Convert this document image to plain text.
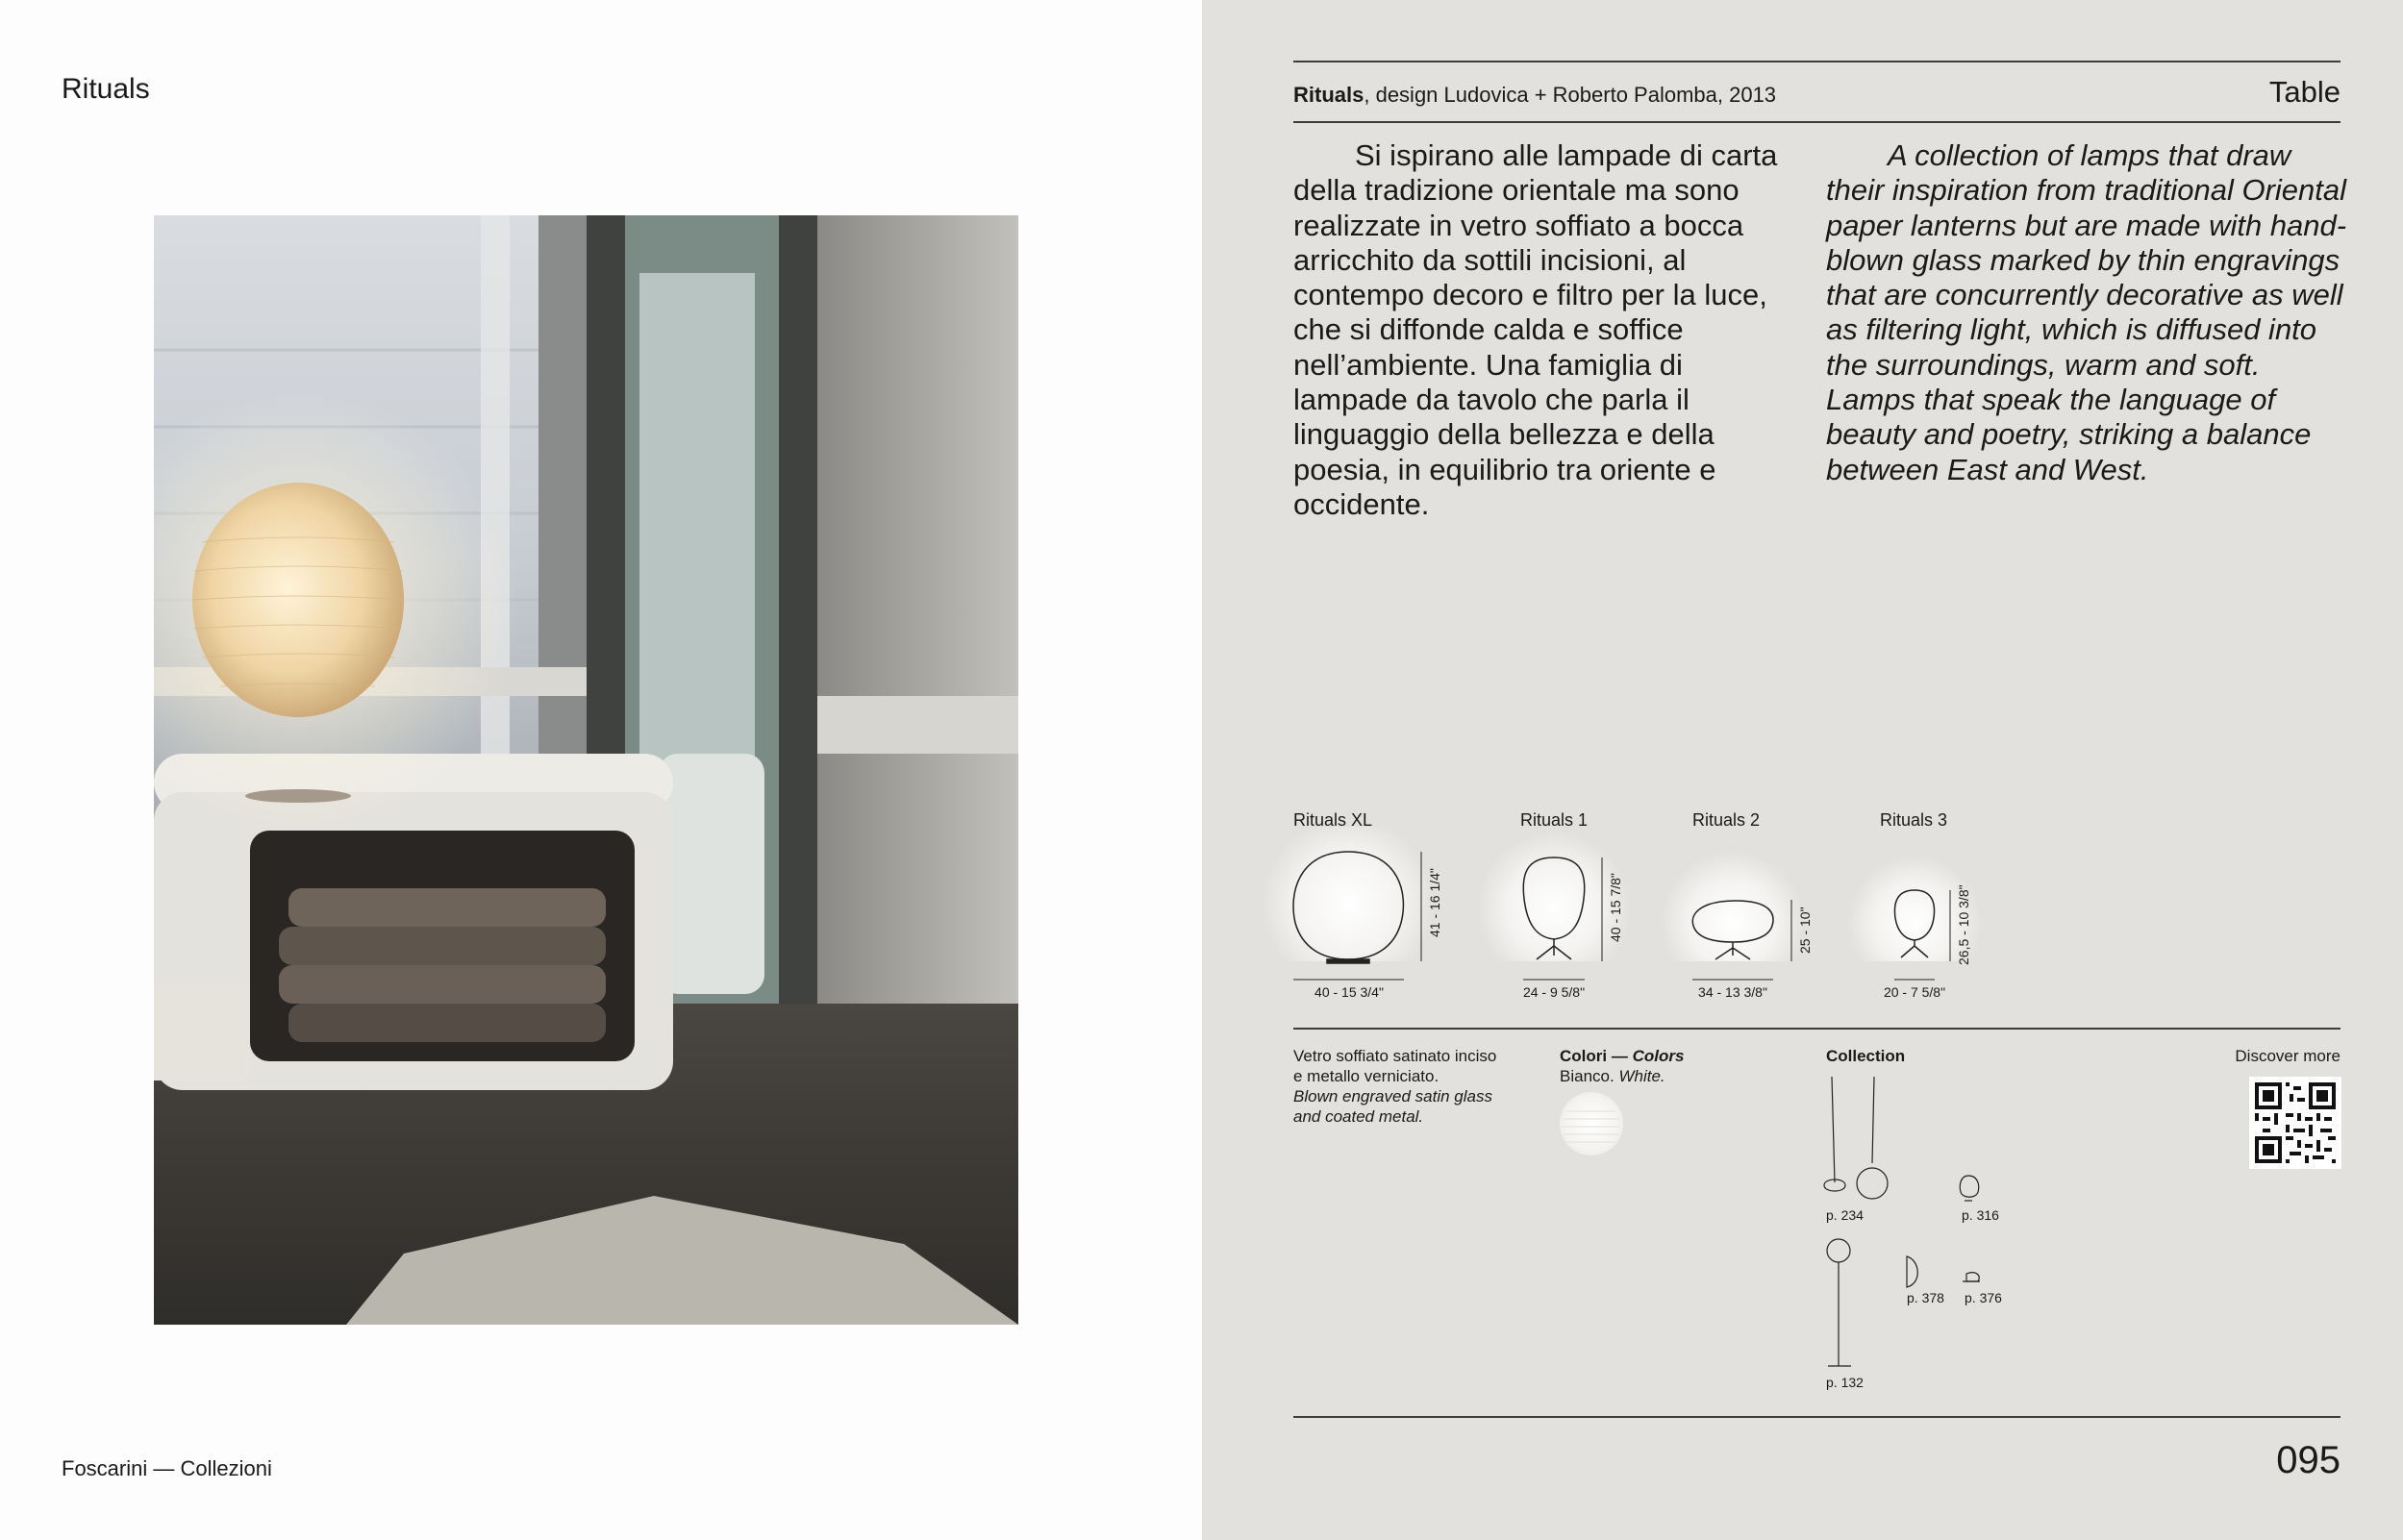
Rituals
Foscarini — Collezioni
Rituals, design Ludovica + Roberto Palomba, 2013	Table
Si ispirano alle lampade di carta della tradizione orientale ma sono realizzate in vetro soffiato a bocca arricchito da sottili incisioni, al contempo decoro e filtro per la luce, che si diffonde calda e soffice nell’ambiente. Una famiglia di lampade da tavolo che parla il linguaggio della bellezza e della poesia, in equilibrio tra oriente e occidente.
A collection of lamps that draw their inspiration from traditional Oriental paper lanterns but are made with hand-blown glass marked by thin engravings that are concurrently decorative as well as filtering light, which is diffused into the surroundings, warm and soft. Lamps that speak the language of beauty and poetry, striking a balance between East and West.
Rituals XL	Rituals 1	Rituals 2	Rituals 3
40 - 15 3/4"	24 - 9 5/8"	34 - 13 3/8"	20 - 7 5/8"
41 - 16 1/4"	40 - 15 7/8"	25 - 10"	26,5 - 10 3/8"
Vetro soffiato satinato inciso
e metallo verniciato.
Blown engraved satin glass
and coated metal.
Colori — Colors
Bianco. White.
Collection
p. 234	p. 316
p. 378 p. 376
p. 132
Discover more
095
